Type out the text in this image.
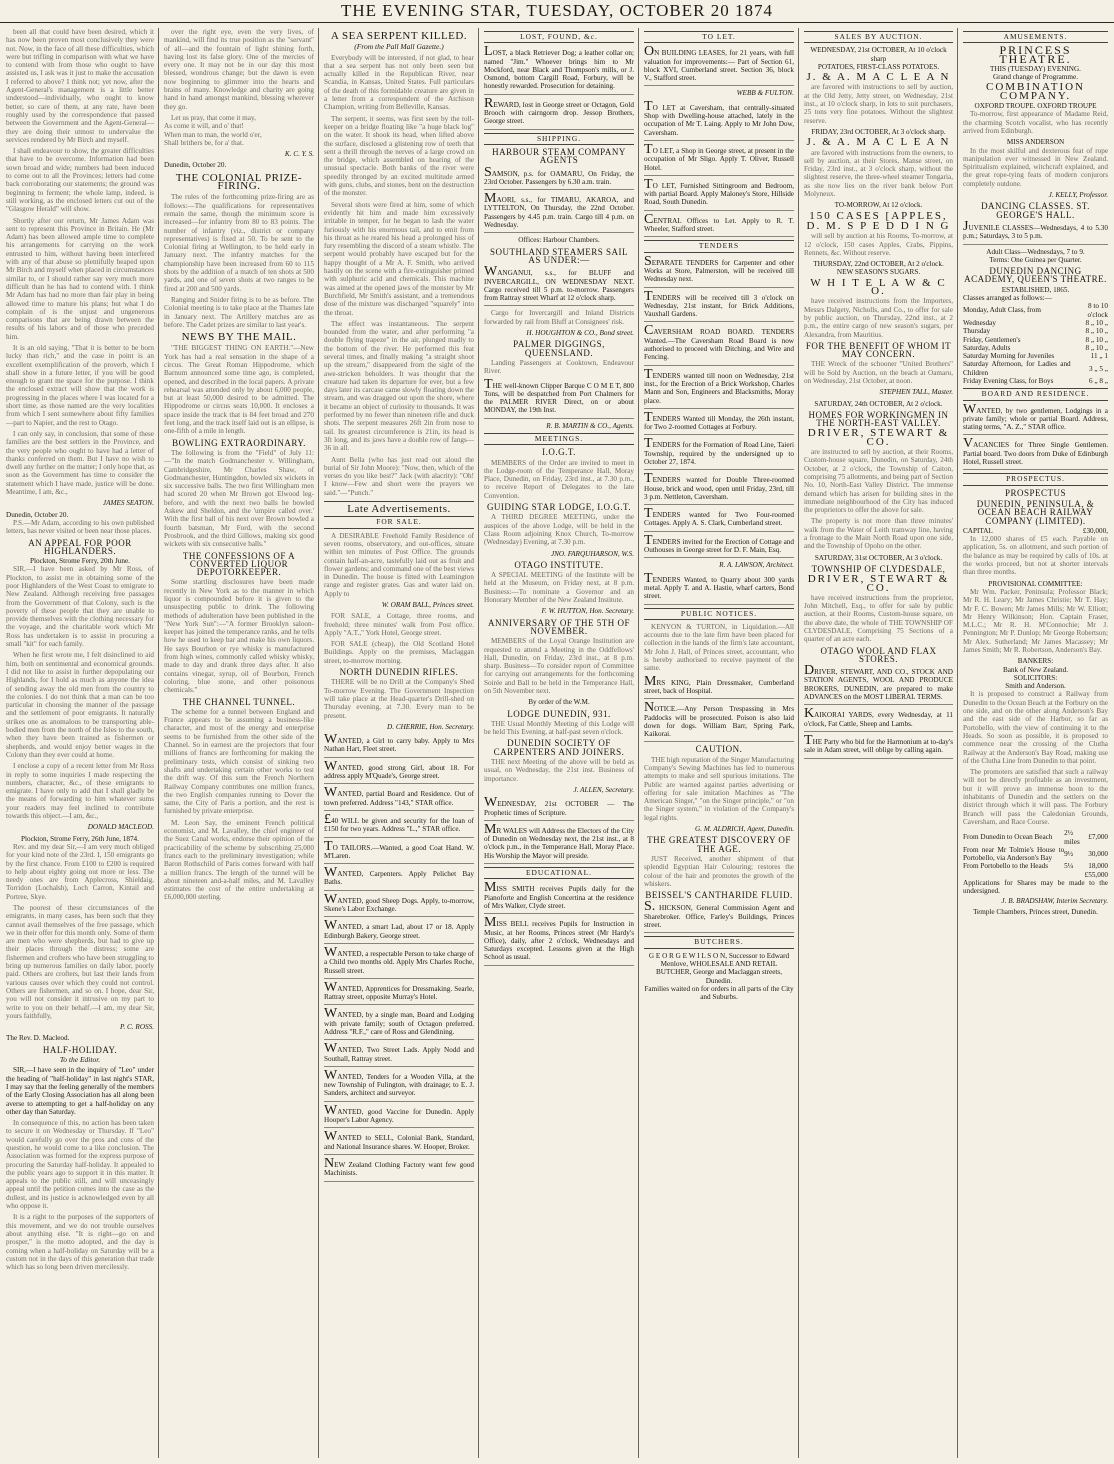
THE EVENING STAR, TUESDAY, OCTOBER 20 1874

been all that could have been desired, which it has now been proven most conclusively they were not. Now, in the face of all these difficulties, which were but trifling in comparison with what we have to contend with from those who ought to have assisted us, I ask was it just to make the accusation I referred to above? I think not; yet now, after the Agent-General's management is a little better understood—individually, who ought to know better, so care of them, at any rate, have been roughly used by the correspondence that passed between the Government and the Agent-General—they are doing their utmost to undervalue the services rendered by Mr Birch and myself.

I shall endeavour to show, the greater difficulties that have to be overcome. Information had been sown broad and wide; numbers had been induced to come out to all the Provinces; letters had come back corroborating our statements; the ground was beginning to ferment; the whole lamp, indeed, is still working, as the enclosed letters cut out of the "Glasgow Herald" will show.

Shortly after our return, Mr James Adam was sent to represent this Province in Britain. He (Mr Adam) has been allowed ample time to complete his arrangements for carrying on the work entrusted to him, without having been interfered with any of that abuse so plentifully heaped upon Mr Birch and myself when placed in circumstances similar to, or I should rather say very much more difficult than he has had to contend with. I think Mr Adam has had no more than fair play in being allowed time to mature his plans; but what I do complain of is the unjust and ungenerous comparisons that are being drawn between the results of his labors and of those who preceded him.

It is an old saying, "That it is better to be born lucky than rich," and the case in point is an excellent exemplification of the proverb, which I shall show in a future letter, if you will be good enough to grant me space for the purpose. I think the enclosed extract will show that the work is progressing in the places where I was located for a short time, as those named are the very localities from which I sent somewhere about fifty families—part to Napier, and the rest to Otago.

I can only say, in conclusion, that some of these families are the best settlers in the Province, and the very people who ought to have had a letter of thanks conferred on them. But I have no wish to dwell any further on the matter; I only hope that, as soon as the Government has time to consider the statement which I have made, justice will be done. Meantime, I am, &c.,

JAMES SEATON.
Dunedin, October 20.

P.S.—Mr Adam, according to his own published letters, has never visited or been near those places.

AN APPEAL FOR POOR HIGHLANDERS.
Plockton, Strome Ferry, 20th June.

SIR,—I have been asked by Mr Ross, of Plockton, to assist me in obtaining some of the poor Highlanders of the West Coast to emigrate to New Zealand. Although receiving free passages from the Government of that Colony, such is the poverty of these people that they are unable to provide themselves with the clothing necessary for the voyage, and the charitable work which Mr Ross has undertaken is to assist in procuring a small "kit" for each family.

When he first wrote me, I felt disinclined to aid him, both on sentimental and economical grounds. I did not like to assist in further depopulating our Highlands, for I hold as much as anyone the idea of sending away the old men from the country to the colonies. I do not think that a man can be too particular in choosing the manner of the passage and the settlement of poor emigrants. It naturally strikes one as anomalous to be transporting able-bodied men from the north of the Isles to the south, when they have been trained as fishermen or shepherds, and would enjoy better wages in the Colony than they ever could at home.

I enclose a copy of a recent letter from Mr Ross in reply to some inquiries I made respecting the numbers, character, &c., of these emigrants to emigrate. I have only to add that I shall gladly be the means of forwarding to him whatever sums your readers may feel inclined to contribute towards this object.—I am, &c.,

DONALD MACLEOD.
Plockton, Strome Ferry, 26th June, 1874.

Rev. and my dear Sir,—I am very much obliged for your kind note of the 23rd. I, 150 emigrants go by the first chance. From £100 to £200 is required to help about eighty going out more or less. The needy ones are from Applecross, Shieldaig, Torridon (Lochalsh), Loch Carron, Kintail and Portree, Skye.

The poorest of these circumstances of the emigrants, in many cases, has been such that they cannot avail themselves of the free passage, which we in their offer for this month only. Some of them are men who were shepherds, but had to give up their places through the distress; some are fishermen and crofters who have been struggling to bring up numerous families on daily labor, poorly paid. Others are crofters, but last their lands from various causes over which they could not control. Others are fishermen, and so on. I hope, dear Sir, you will not consider it intrusive on my part to write to you on their behalf.—I am, my dear Sir, yours faithfully,

P. C. ROSS.
The Rev. D. Macleod.
HALF-HOLIDAY.
To the Editor.

SIR,—I have seen in the inquiry of "Leo" under the heading of "half-holiday" in last night's STAR, I may say that the feeling generally of the members of the Early Closing Association has all along been averse to attempting to get a half-holiday on any other day than Saturday.

In consequence of this, no action has been taken to secure it on Wednesday or Thursday. If "Leo" would carefully go over the pros and cons of the question, he would come to a like conclusion. The Association was formed for the express purpose of procuring the Saturday half-holiday. It appealed to the public years ago to support it in this matter. It appeals to the public still, and will unceasingly appeal until the petition comes into the case as the dullest, and its justice is acknowledged even by all who oppose it.

It is a right to the purposes of the supporters of this movement, and we do not trouble ourselves about anything else. "It is right—go on and prosper," is the motto adopted, and the day is coming when a half-holiday on Saturday will be a custom not in the days of this generation that trade which has so long been driven mercilessly.

over the right eye, even the very lives, of mankind, will find its true position as the "servant" of all—and the fountain of light shining forth, having lost its false glory. One of the mercies of every one. It may not be in our day this most blessed, wondrous change; but the dawn is even now beginning to glimmer into the hearts and brains of many. Knowledge and charity are going hand in hand amongst mankind, blessing wherever they go.

Let us pray, that come it may,
As come it will, and o' that!
When man to man, the world o'er,
Shall brithers be, for a' that.

K. C. Y. S.
Dunedin, October 20.
THE COLONIAL PRIZE-FIRING.

The rules of the forthcoming prize-firing are as follows:—The qualifications for representatives remain the same, though the minimum score is increased—for infantry from 80 to 83 points. The number of infantry (viz., district or company representatives) is fixed at 50. To be sent to the Colonial firing at Wellington, to be held early in January next. The infantry matches for the championship have been increased from 60 to 115 shots by the addition of a match of ten shots at 500 yards, and one of seven shots at two ranges to be fired at 200 and 500 yards.

Ranging and Snider firing is to be as before. The Colonial meeting is to take place at the Thames late in January next. The Artillery matches are as before. The Cadet prizes are similar to last year's.

NEWS BY THE MAIL.

"THE BIGGEST THING ON EARTH."—New York has had a real sensation in the shape of a circus. The Great Roman Hippodrome, which Barnum announced some time ago, is completed, opened, and described in the local papers. A private rehearsal was attended only by about 6,000 people, but at least 50,000 desired to be admitted. The Hippodrome or circus seats 10,000. It encloses a space inside the track that is 84 feet broad and 270 feet long, and the track itself laid out is an ellipse, is one-fifth of a mile in length.

BOWLING EXTRAORDINARY.

The following is from the "Field" of July 11:—"In the match Godmanchester v. Willingham, Cambridgeshire, Mr Charles Shaw, of Godmanchester, Huntingdon, bowled six wickets in six successive balls. The two first Willingham men had scored 20 when Mr Brown got Elwood leg-before, and with the next two balls he bowled Askew and Sheldon, and the 'umpire called over.' With the first ball of his next over Brown bowled a fourth batsman, Mr Ford, with the second Prosbrook, and the third Gillows, making six good wickets with six consecutive balls."

THE CONFESSIONS OF A CONVERTED LIQUOR DEPOTORKEEPER.

Some startling disclosures have been made recently in New York as to the manner in which liquor is compounded before it is given to the unsuspecting public to drink. The following methods of adulteration have been published in the "New York Sun":—"A former Brooklyn saloon-keeper has joined the temperance ranks, and he tells how he used to keep bar and make his own liquors. He says Bourbon or rye whisky is manufactured from high wines, commonly called whisky whisky, made to day and drank three days after. It also contains vinegar, syrup, oil of Bourbon, French coloring, blue stone, and other poisonous chemicals."

THE CHANNEL TUNNEL.

The scheme for a tunnel between England and France appears to be assuming a business-like character, and most of the energy and enterprise seems to be furnished from the other side of the Channel. So in earnest are the projectors that four millions of francs are forthcoming for making the preliminary tests, which consist of sinking two shafts and undertaking certain other works to test the drift way. Of this sum the French Northern Railway Company contributes one million francs, the two English companies running to Dover the same, the City of Paris a portion, and the rest is furnished by private enterprise.

M. Leon Say, the eminent French political economist, and M. Lavalley, the chief engineer of the Suez Canal works, endorse their opinion of the practicability of the scheme by subscribing 25,000 francs each to the preliminary investigation; while Baron Rothschild of Paris comes forward with half a million francs. The length of the tunnel will be about nineteen and-a-half miles, and M. Lavalley estimates the cost of the entire undertaking at £6,000,000 sterling.

A SEA SERPENT KILLED.
(From the Pall Mall Gazette.)

Everybody will be interested, if not glad, to hear that a sea serpent has not only been seen but actually killed in the Republican River, near Scandia, in Kansas, United States. Full particulars of the death of this formidable creature are given in a letter from a correspondent of the Atchison Champion, writing from Belleville, Kansas.

The serpent, it seems, was first seen by the toll-keeper on a bridge floating like "a huge black log" on the water. It shook its head, when lifted above the surface, disclosed a glistening row of teeth that sent a thrill through the nerves of a large crowd on the bridge, which assembled on hearing of the unusual spectacle. Both banks of the river were speedily thronged by an excited multitude armed with guns, clubs, and stones, bent on the destruction of the monster.

Several shots were fired at him, some of which evidently hit him and made him excessively irritable in temper, for he began to lash the water furiously with his enormous tail, and to emit from his throat as he reared his head a prolonged hiss of fury resembling the discord of a steam whistle. The serpent would probably have escaped but for the happy thought of a Mr A. F. Smith, who arrived hastily on the scene with a fire-extinguisher primed with sulphuric acid and chemicals. This machine was aimed at the opened jaws of the monster by Mr Burchfield, Mr Smith's assistant, and a tremendous dose of the mixture was discharged "squarely" into the throat.

The effect was instantaneous. The serpent bounded from the water, and after performing "a double flying trapeze" in the air, plunged madly to the bottom of the river. He performed this feat several times, and finally making "a straight shoot up the stream," disappeared from the sight of the awe-stricken beholders. It was thought that the creature had taken its departure for ever, but a few days later its carcase came slowly floating down the stream, and was dragged out upon the shore, where it became an object of curiosity to thousands. It was performed by no fewer than nineteen rifle and duck shots. The serpent measures 26ft 2in from nose to tail. Its greatest circumference is 21in, its head is 3ft long, and its jaws have a double row of fangs—36 in all.

Aunt Bella (who has just read out aloud the burial of Sir John Moore): "Now, then, which of the verses do you like best?" Jack (with alacrity): "Oh! I know—Few and short were the prayers we said."—"Punch."

Late Advertisements.
FOR SALE.

A DESIRABLE Freehold Family Residence of seven rooms, observatory, and out-offices, situate within ten minutes of Post Office. The grounds contain half-an-acre, tastefully laid out as fruit and flower gardens; and command one of the best views in Dunedin. The house is fitted with Leamington range and register grates. Gas and water laid on. Apply to

W. ORAM BALL, Princes street.

FOR SALE, a Cottage, three rooms, and freehold; three minutes' walk from Post office. Apply "A.T.," York Hotel, George street.

FOR SALE (cheap), the Old Scotland Hotel Buildings. Apply on the premises, Maclaggan street, to-morrow morning.

NORTH DUNEDIN RIFLES.

THERE will be no Drill at the Company's Shed To-morrow Evening. The Government Inspection will take place at the Head-quarter's Drill-shed on Thursday evening, at 7.30. Every man to be present.

D. CHERRIE, Hon. Secretary.
WANTED, a Girl to carry baby. Apply to Mrs Nathan Hart, Fleet street.
WANTED, good strong Girl, about 18. For address apply M'Quade's, George street.
WANTED, partial Board and Residence. Out of town preferred. Address "143," STAR office.
£40 WILL be given and security for the loan of £150 for two years. Address "L.," STAR office.
TO TAILORS.—Wanted, a good Coat Hand. W. M'Laren.
WANTED, Carpenters. Apply Pelichet Bay Baths.
WANTED, good Sheep Dogs. Apply, to-morrow, Skene's Labor Exchange.
WANTED, a smart Lad, about 17 or 18. Apply Edinburgh Bakery, George street.
WANTED, a respectable Person to take charge of a Child two months old. Apply Mrs Charles Roche, Russell street.
WANTED, Apprentices for Dressmaking. Searle, Rattray street, opposite Murray's Hotel.
WANTED, by a single man, Board and Lodging with private family; south of Octagon preferred. Address "R.F.," care of Ross and Glendining.
WANTED, Two Street Lads. Apply Nodd and Southall, Rattray street.
WANTED, Tenders for a Wooden Villa, at the new Township of Fulington, with drainage; to E. J. Sanders, architect and surveyor.
WANTED, good Vaccine for Dunedin. Apply Hooper's Labor Agency.
WANTED to SELL, Colonial Bank, Standard, and National Insurance shares. W. Hooper, Broker.
NEW Zealand Clothing Factory want few good Machinists.
LOST, FOUND, &c.
LOST, a black Retriever Dog; a leather collar on; named "Jim." Whoever brings him to Mr Mockford, near Black and Thompson's mills, or J. Osmond, bottom Cargill Road, Forbury, will be honestly rewarded. Prosecution for detaining.
REWARD, lost in George street or Octagon, Gold Brooch with cairngorm drop. Jessop Brothers, George street.
SHIPPING.
HARBOUR STEAM COMPANY AGENTS
SAMSON, p.s. for OAMARU, On Friday, the 23rd October. Passengers by 6.30 a.m. train.
MAORI, s.s., for TIMARU, AKAROA, and LYTTELTON, On Thursday, the 22nd October. Passengers by 4.45 p.m. train. Cargo till 4 p.m. on Wednesday.
Offices: Harbour Chambers.
SOUTHLAND STEAMERS SAIL AS UNDER:—
WANGANUI, s.s., for BLUFF and INVERCARGILL, ON WEDNESDAY NEXT. Cargo received till 5 p.m. to-morrow. Passengers from Rattray street Wharf at 12 o'clock sharp.

Cargo for Invercargill and Inland Districts forwarded by rail from Bluff at Consignees' risk.

H. HOUGHTON & CO., Bond street.
PALMER DIGGINGS, QUEENSLAND.

Landing Passengers at Cooktown, Endeavour River.

THE well-known Clipper Barque C O M E T, 800 Tons, will be despatched from Port Chalmers for the PALMER RIVER Direct, on or about MONDAY, the 19th Inst.
R. B. MARTIN & CO., Agents.
MEETINGS.
I.O.G.T.

MEMBERS of the Order are invited to meet in the Lodge-room of the Temperance Hall, Moray Place, Dunedin, on Friday, 23rd inst., at 7.30 p.m., to receive Report of Delegates to the late Convention.

GUIDING STAR LODGE, I.O.G.T.

A THIRD DEGREE MEETING, under the auspices of the above Lodge, will be held in the Class Room adjoining Knox Church, To-morrow (Wednesday) Evening, at 7.30 p.m.

JNO. FARQUHARSON, W.S.
OTAGO INSTITUTE.

A SPECIAL MEETING of the Institute will be held at the Museum, on Friday next, at 8 p.m. Business:—To nominate a Governor and an Honorary Member of the New Zealand Institute.

F. W. HUTTON, Hon. Secretary.
ANNIVERSARY OF THE 5TH OF NOVEMBER.

MEMBERS of the Loyal Orange Institution are requested to attend a Meeting in the Oddfellows' Hall, Dunedin, on Friday, 23rd inst., at 8 p.m. sharp. Business—To consider report of Committee for carrying out arrangements for the forthcoming Soirée and Ball to be held in the Temperance Hall, on 5th November next.

By order of the W.M.
LODGE DUNEDIN, 931.

THE Usual Monthly Meeting of this Lodge will be held This Evening, at half-past seven o'clock.

DUNEDIN SOCIETY OF CARPENTERS AND JOINERS.

THE next Meeting of the above will be held as usual, on Wednesday, the 21st inst. Business of importance.

J. ALLEN, Secretary.
WEDNESDAY, 21st OCTOBER — The Prophetic times of Scripture.
MR WALES will Address the Electors of the City of Dunedin on Wednesday next, the 21st inst., at 8 o'clock p.m., in the Temperance Hall, Moray Place. His Worship the Mayor will preside.
EDUCATIONAL.
MISS SMITH receives Pupils daily for the Pianoforte and English Concertina at the residence of Mrs Walker, Clyde street.
MISS BELL receives Pupils for Instruction in Music, at her Rooms, Princes street (Mr Hardy's Office), daily, after 2 o'clock, Wednesdays and Saturdays excepted. Lessons given at the High School as usual.
TO LET.
ON BUILDING LEASES, for 21 years, with full valuation for improvements:— Part of Section 61, block XVI, Cumberland street. Section 36, block V., Stafford street.
WEBB & FULTON.
TO LET at Caversham, that centrally-situated Shop with Dwelling-house attached, lately in the occupation of Mr T. Laing. Apply to Mr John Dow, Caversham.
TO LET, a Shop in George street, at present in the occupation of Mr Sligo. Apply T. Oliver, Russell Hotel.
TO LET, Furnished Sittingroom and Bedroom, with partial Board. Apply Maloney's Store, Hillside Road, South Dunedin.
CENTRAL Offices to Let. Apply to R. T. Wheeler, Stafford street.
TENDERS
SEPARATE TENDERS for Carpenter and other Works at Store, Palmerston, will be received till Wednesday next.
TENDERS will be received till 3 o'clock on Wednesday, 21st instant, for Brick Additions, Vauxhall Gardens.
CAVERSHAM ROAD BOARD. TENDERS Wanted.—The Caversham Road Board is now authorised to proceed with Ditching, and Wire and Fencing.
TENDERS wanted till noon on Wednesday, 21st inst., for the Erection of a Brick Workshop, Charles Mann and Son, Engineers and Blacksmiths, Moray place.
TENDERS Wanted till Monday, the 26th instant, for Two 2-roomed Cottages at Forbury.
TENDERS for the Formation of Road Line, Taieri Township, required by the undersigned up to October 27, 1874.
TENDERS wanted for Double Three-roomed House, brick and wood, open until Friday, 23rd, till 3 p.m. Nettleton, Caversham.
TENDERS wanted for Two Four-roomed Cottages. Apply A. S. Clark, Cumberland street.
TENDERS invited for the Erection of Cottage and Outhouses in George street for D. F. Main, Esq.
R. A. LAWSON, Architect.
TENDERS Wanted, to Quarry about 300 yards metal. Apply T. and A. Hastie, wharf carters, Bond street.
PUBLIC NOTICES.

KENYON & TURTON, in Liquidation.—All accounts due to the late firm have been placed for collection in the hands of the firm's late accountant, Mr John J. Hall, of Princes street, accountant, who is hereby authorised to receive payment of the same.

MRS KING, Plain Dressmaker, Cumberland street, back of Hospital.
NOTICE.—Any Person Trespassing in Mrs Paddocks will be prosecuted. Poison is also laid down for dogs. William Barr, Spring Park, Kaikorai.
CAUTION.

THE high reputation of the Singer Manufacturing Company's Sewing Machines has led to numerous attempts to make and sell spurious imitations. The Public are warned against parties advertising or offering for sale imitation Machines as "The American Singer," "on the Singer principle," or "on the Singer system," in violation of the Company's legal rights.

G. M. ALDRICH, Agent, Dunedin.
THE GREATEST DISCOVERY OF THE AGE.

JUST Received, another shipment of that splendid Egyptian Hair Colouring; restores the colour of the hair and promotes the growth of the whiskers.

BEISSEL'S CANTHARIDE FLUID.
S. HICKSON, General Commission Agent and Sharebroker. Office, Farley's Buildings, Princes street.
BUTCHERS.
G E O R G E W I L S O N, Successor to Edward Menlove, WHOLESALE AND RETAIL BUTCHER, George and Maclaggan streets, Dunedin.
Families waited on for orders in all parts of the City and Suburbs.
SALES BY AUCTION.
WEDNESDAY, 21st OCTOBER, At 10 o'clock sharp
POTATOES, FIRST-CLASS POTATOES.
J. & A. M A C L E A N

are favored with instructions to sell by auction, at the Old Jetty, Jetty street, on Wednesday, 21st inst., at 10 o'clock sharp, in lots to suit purchasers, 25 tons very fine potatoes. Without the slightest reserve.

FRIDAY, 23rd OCTOBER, At 3 o'clock sharp.
J. & A. M A C L E A N

are favored with instructions from the owners, to sell by auction, at their Stores, Manse street, on Friday, 23rd inst., at 3 o'clock sharp, without the slightest reserve, the three-wheel steamer Tongaria, as she now lies on the river bank below Port Molyneux.

TO-MORROW, At 12 o'clock.
150 CASES [APPLES,
D. M. S P E D D I N G

will sell by auction at his Rooms, To-morrow, at 12 o'clock, 150 cases Apples, Crabs, Pippins, Rennets, &c. Without reserve.

THURSDAY, 22nd OCTOBER, At 2 o'clock.
NEW SEASON'S SUGARS.
W H I T E L A W & C O.

have received instructions from the Importers, Messrs Dalgety, Nicholls, and Co., to offer for sale by public auction, on Thursday, 22nd inst., at 2 p.m., the entire cargo of new season's sugars, per Alexandra, from Mauritius.

FOR THE BENEFIT OF WHOM IT MAY CONCERN.

THE Wreck of the schooner "United Brothers" will be Sold by Auction, on the beach at Oamaru, on Wednesday, 21st October, at noon.

STEPHEN TALL, Master.
SATURDAY, 24th OCTOBER, At 2 o'clock.
HOMES FOR WORKINGMEN IN THE NORTH-EAST VALLEY.
DRIVER, STEWART & CO.

are instructed to sell by auction, at their Rooms, Custom-house square, Dunedin, on Saturday, 24th October, at 2 o'clock, the Township of Caiton, comprising 75 allotments, and being part of Section No. 10, North-East Valley District. The immense demand which has arisen for building sites in the immediate neighbourhood of the City has induced the proprietors to offer the above for sale.

The property is not more than three minutes' walk from the Water of Leith tramway line, having a frontage to the Main North Road upon one side, and the Township of Opoho on the other.

SATURDAY, 31st OCTOBER, At 3 o'clock.
TOWNSHIP OF CLYDESDALE,
DRIVER, STEWART & CO.

have received instructions from the proprietor, John Mitchell, Esq., to offer for sale by public auction, at their Rooms, Custom-house square, on the above date, the whole of THE TOWNSHIP OF CLYDESDALE, Comprising 75 Sections of a quarter of an acre each.

OTAGO WOOL AND FLAX STORES.
DRIVER, STEWART, AND CO., STOCK AND STATION AGENTS, WOOL AND PRODUCE BROKERS, DUNEDIN, are prepared to make ADVANCES on the MOST LIBERAL TERMS.
KAIKORAI YARDS, every Wednesday, at 11 o'clock, Fat Cattle, Sheep and Lambs.
THE Party who bid for the Harmonium at to-day's sale in Adam street, will oblige by calling again.
AMUSEMENTS.
PRINCESS THEATRE.
THIS (TUESDAY) EVENING.
Grand change of Programme.
COMBINATION COMPANY.
OXFORD TROUPE. OXFORD TROUPE

To-morrow, first appearance of Madame Reid, the charming Scotch vocalist, who has recently arrived from Edinburgh.

MISS ANDERSON

In the most skilful and dexterous feat of rope manipulation ever witnessed in New Zealand. Spiritualism explained, witchcraft explained, and the great rope-tying feats of modern conjurors completely outdone.

J. KELLY, Professor.
DANCING CLASSES. ST. GEORGE'S HALL.
JUVENILE CLASSES—Wednesdays, 4 to 5.30 p.m.; Saturdays, 3 to 5 p.m.
Adult Class—Wednesdays, 7 to 9.
Terms: One Guinea per Quarter.
DUNEDIN DANCING ACADEMY, QUEEN'S THEATRE.
ESTABLISHED, 1865.
Classes arranged as follows:—
Monday, Adult Class, from	8 to 10 o'clock
Wednesday	8 „ 10 „
Thursday	8 „ 10 „
Friday, Gentlemen's	8 „ 10 „
Saturday, Adults	8 „ 10 „
Saturday Morning for Juveniles	11 „ 1
Saturday Afternoon, for Ladies and Children	3 „ 5 „
Friday Evening Class, for Boys	6 „ 8 „
BOARD AND RESIDENCE.
WANTED, by two gentlemen, Lodgings in a private family; whole or partial Board. Address, stating terms, "A. Z.," STAR office.
VACANCIES for Three Single Gentlemen. Partial board. Two doors from Duke of Edinburgh Hotel, Russell street.
PROSPECTUS.
PROSPECTUS
DUNEDIN, PENINSULA, & OCEAN BEACH RAILWAY COMPANY (LIMITED).
CAPITAL	£30,000,

In 12,000 shares of £5 each. Payable on application, 5s. on allotment, and such portion of the balance as may be required by calls of 10s. at the works proceed, but not at shorter intervals than three months.

PROVISIONAL COMMITTEE:

Mr Wm. Packer, Peninsula; Professor Black; Mr R. H. Leary; Mr James Christie; Mr T. Hay; Mr F. C. Bowen; Mr James Mills; Mr W. Elliott; Mr Henry Wilkinson; Hon. Captain Fraser, M.L.C.; Mr R. H. M'Connochie; Mr J. Pennington; Mr P. Dunlop; Mr George Robertson; Mr Alex. Sutherland; Mr James Macassey; Mr James Smith; Mr R. Robertson, Anderson's Bay.

BANKERS:
Bank of New Zealand.
SOLICITORS:
Smith and Anderson.

It is proposed to construct a Railway from Dunedin to the Ocean Beach at the Forbury on the one side, and on the other along Anderson's Bay and the east side of the Harbor, so far as Portobello, with the view of continuing it to the Heads. So soon as possible, it is proposed to commence near the crossing of the Clutha Railway at the Anderson's Bay Road, making use of the Clutha Line from Dunedin to that point.

The promoters are satisfied that such a railway will not be directly profitable as an investment, but it will prove an immense boon to the inhabitants of Dunedin and the settlers on the district through which it will pass. The Forbury Branch will pass the Caledonian Grounds, Caversham, and Race Course.

From Dunedin to Ocean Beach	2½ miles	£7,000
From near Mr Tolmie's House to Portobello, via Anderson's Bay	9½	30,000
From Portobello to the Heads	5¼	18,000
		£55,000
Applications for Shares may be made to the undersigned.
J. B. BRADSHAW, Interim Secretary.
Temple Chambers, Princes street, Dunedin.
